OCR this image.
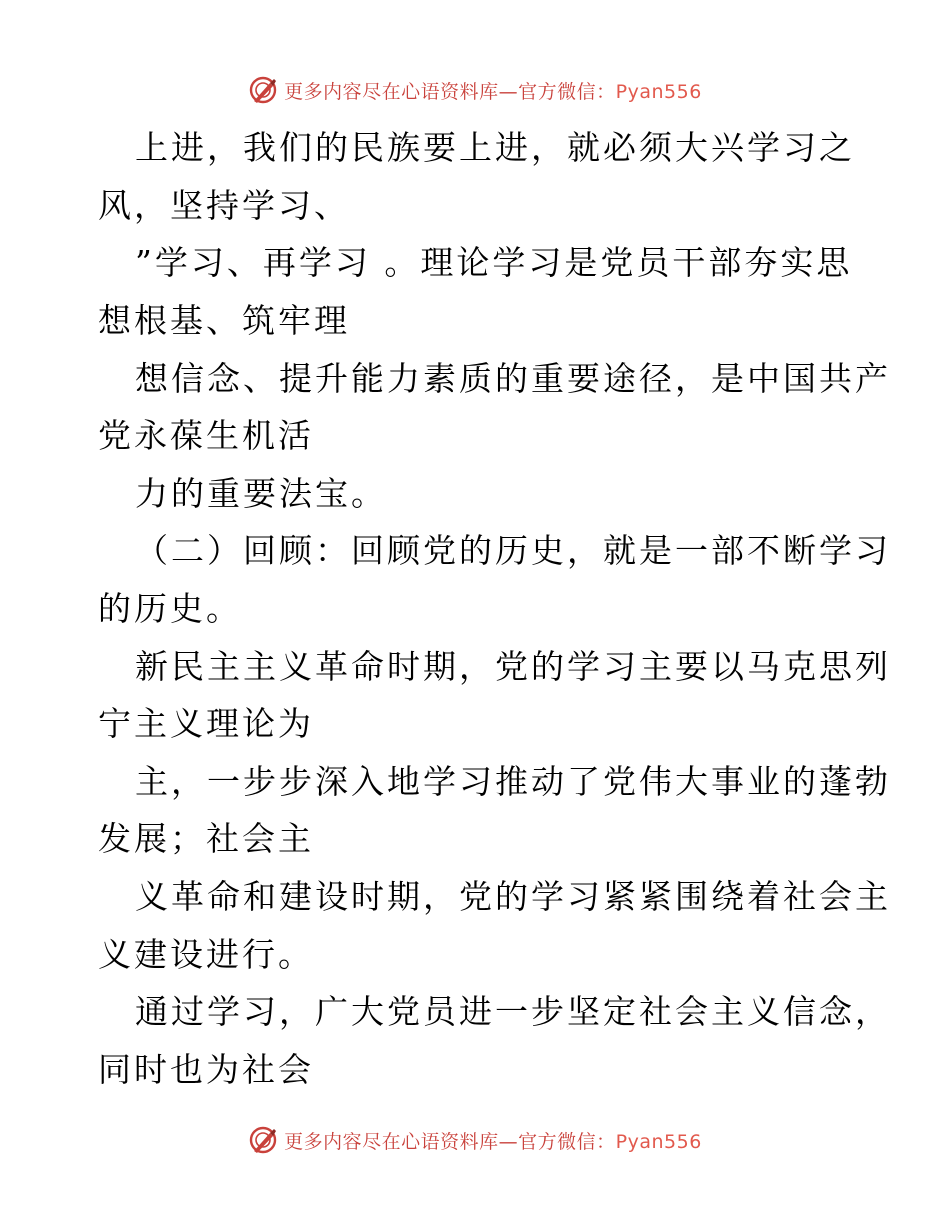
更多内容尽在心语资料库—官方微信：Pyan556
上进，我们的民族要上进，就必须大兴学习之
风，坚持学习、
”学习、再学习 。理论学习是党员干部夯实思
想根基、筑牢理
想信念、提升能力素质的重要途径，是中国共产
党永葆生机活
力的重要法宝。
（二）回顾：回顾党的历史，就是一部不断学习
的历史。
新民主主义革命时期，党的学习主要以马克思列
宁主义理论为
主，一步步深入地学习推动了党伟大事业的蓬勃
发展；社会主
义革命和建设时期，党的学习紧紧围绕着社会主
义建设进行。
通过学习，广大党员进一步坚定社会主义信念，
同时也为社会
更多内容尽在心语资料库—官方微信：Pyan556
